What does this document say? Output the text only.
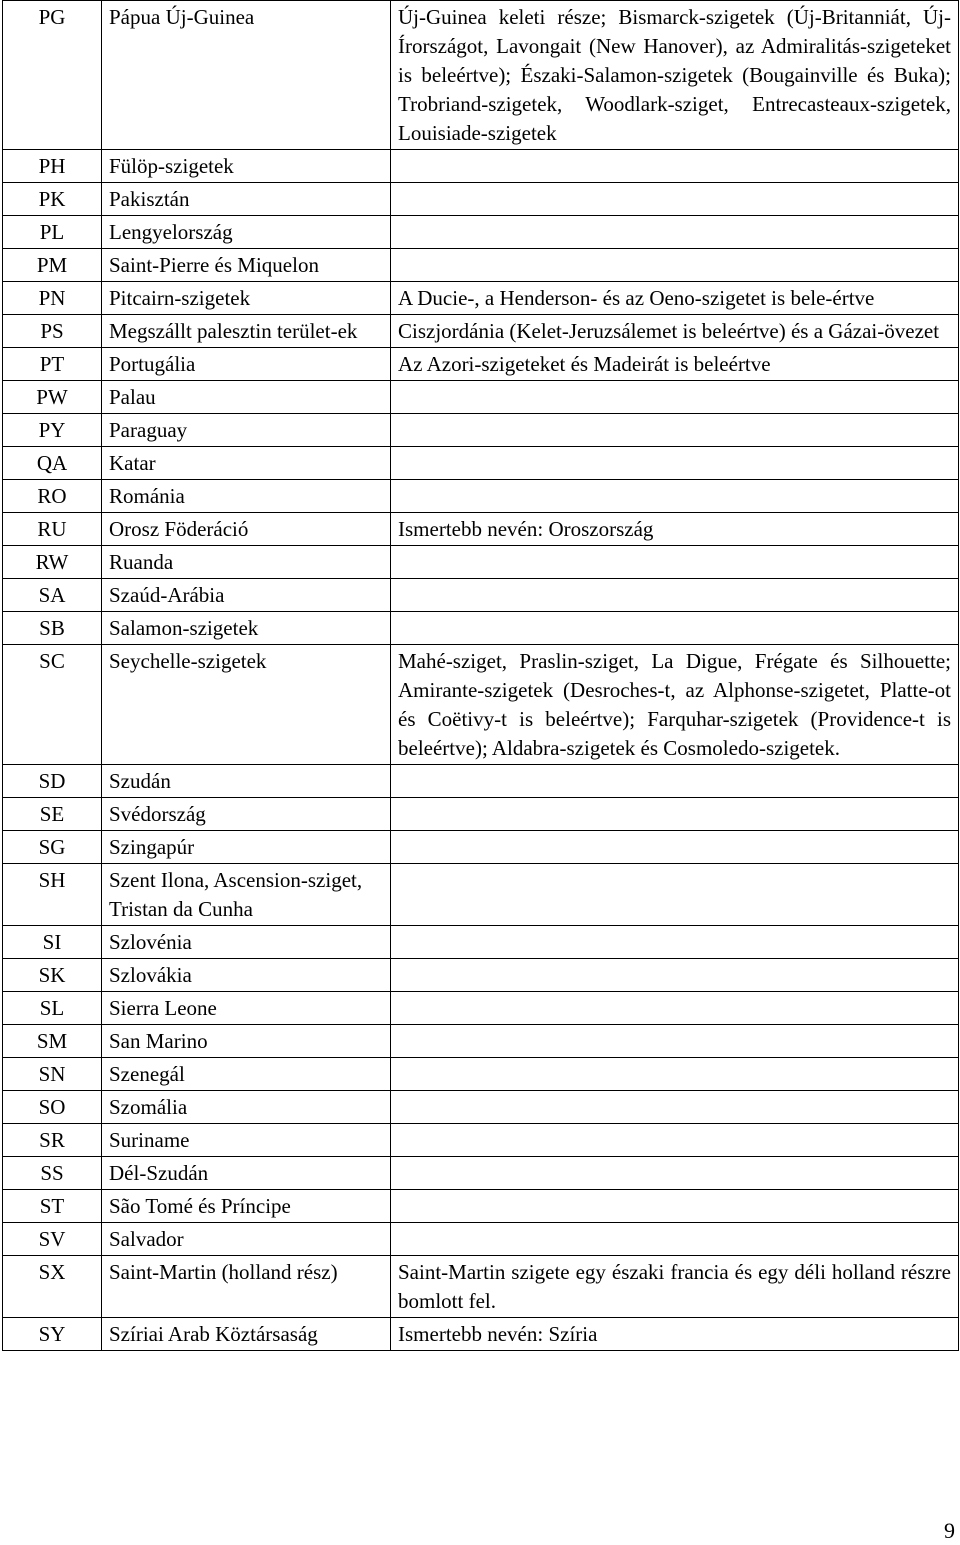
PG	Pápua Új-Guinea	Új-Guinea keleti része; Bismarck-szigetek (Új-Britanniát, Új-Írországot, Lavongait (New Hanover), az Admiralitás-szigeteket is beleértve); Északi-Salamon-szigetek (Bougainville és Buka); Trobriand-szigetek, Woodlark-sziget, Entrecasteaux-szigetek, Louisiade-szigetek
PH	Fülöp-szigetek	
PK	Pakisztán	
PL	Lengyelország	
PM	Saint-Pierre és Miquelon	
PN	Pitcairn-szigetek	A Ducie-, a Henderson- és az Oeno-szigetet is bele-értve
PS	Megszállt palesztin terület-ek	Ciszjordánia (Kelet-Jeruzsálemet is beleértve) és a Gázai-övezet
PT	Portugália	Az Azori-szigeteket és Madeirát is beleértve
PW	Palau	
PY	Paraguay	
QA	Katar	
RO	Románia	
RU	Orosz Föderáció	Ismertebb nevén: Oroszország
RW	Ruanda	
SA	Szaúd-Arábia	
SB	Salamon-szigetek	
SC	Seychelle-szigetek	Mahé-sziget, Praslin-sziget, La Digue, Frégate és Silhouette; Amirante-szigetek (Desroches-t, az Alphonse-szigetet, Platte-ot és Coëtivy-t is beleértve); Farquhar-szigetek (Providence-t is beleértve); Aldabra-szigetek és Cosmoledo-szigetek.
SD	Szudán	
SE	Svédország	
SG	Szingapúr	
SH	Szent Ilona, Ascension-sziget, Tristan da Cunha	
SI	Szlovénia	
SK	Szlovákia	
SL	Sierra Leone	
SM	San Marino	
SN	Szenegál	
SO	Szomália	
SR	Suriname	
SS	Dél-Szudán	
ST	São Tomé és Príncipe	
SV	Salvador	
SX	Saint-Martin (holland rész)	Saint-Martin szigete egy északi francia és egy déli holland részre bomlott fel.
SY	Szíriai Arab Köztársaság	Ismertebb nevén: Szíria
9
